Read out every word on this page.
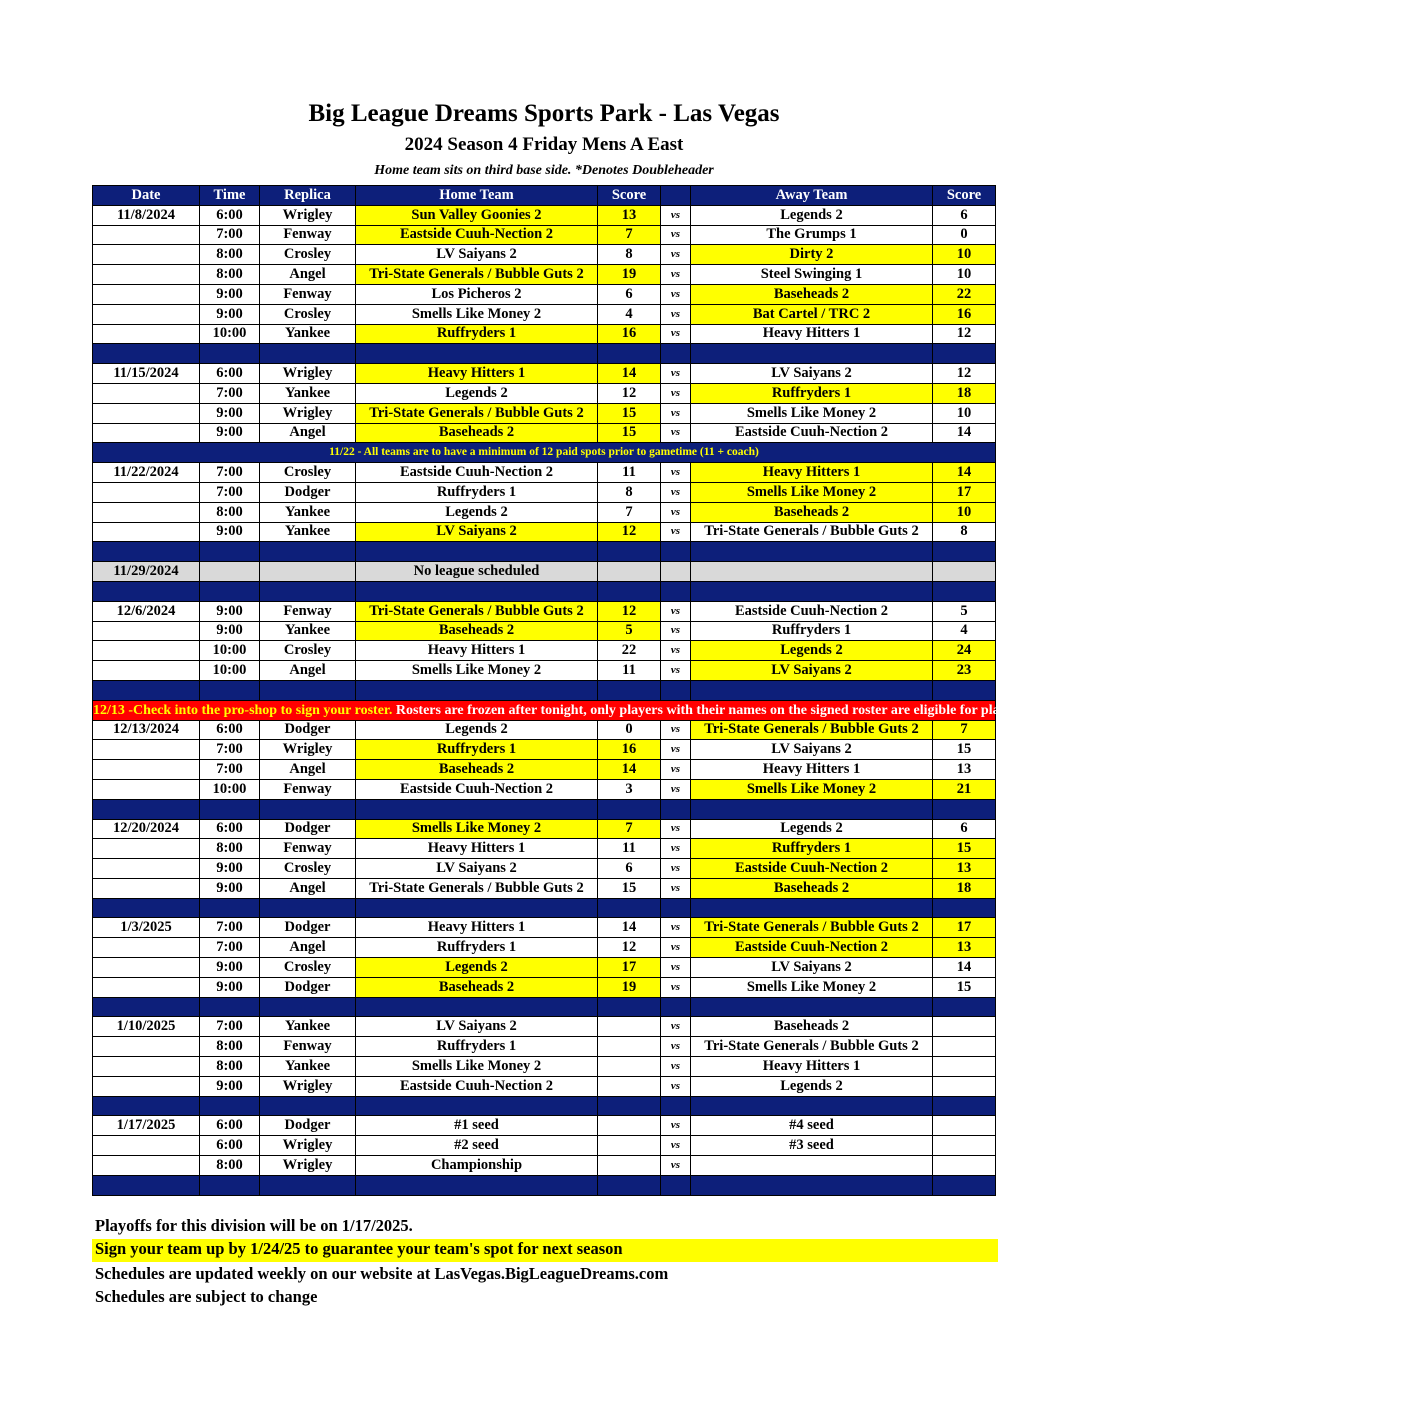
Big League Dreams Sports Park - Las Vegas
2024 Season 4 Friday Mens A East
Home team sits on third base side. *Denotes Doubleheader
Date	Time	Replica	Home Team	Score		Away Team	Score
11/8/2024	6:00	Wrigley	Sun Valley Goonies 2	13	vs	Legends 2	6
	7:00	Fenway	Eastside Cuuh-Nection 2	7	vs	The Grumps 1	0
	8:00	Crosley	LV Saiyans 2	8	vs	Dirty 2	10
	8:00	Angel	Tri-State Generals / Bubble Guts 2	19	vs	Steel Swinging 1	10
	9:00	Fenway	Los Picheros 2	6	vs	Baseheads 2	22
	9:00	Crosley	Smells Like Money 2	4	vs	Bat Cartel / TRC 2	16
	10:00	Yankee	Ruffryders 1	16	vs	Heavy Hitters 1	12

11/15/2024	6:00	Wrigley	Heavy Hitters 1	14	vs	LV Saiyans 2	12
	7:00	Yankee	Legends 2	12	vs	Ruffryders 1	18
	9:00	Wrigley	Tri-State Generals / Bubble Guts 2	15	vs	Smells Like Money 2	10
	9:00	Angel	Baseheads 2	15	vs	Eastside Cuuh-Nection 2	14
11/22 - All teams are to have a minimum of 12 paid spots prior to gametime (11 + coach)							
11/22/2024	7:00	Crosley	Eastside Cuuh-Nection 2	11	vs	Heavy Hitters 1	14
	7:00	Dodger	Ruffryders 1	8	vs	Smells Like Money 2	17
	8:00	Yankee	Legends 2	7	vs	Baseheads 2	10
	9:00	Yankee	LV Saiyans 2	12	vs	Tri-State Generals / Bubble Guts 2	8

11/29/2024			No league scheduled				

12/6/2024	9:00	Fenway	Tri-State Generals / Bubble Guts 2	12	vs	Eastside Cuuh-Nection 2	5
	9:00	Yankee	Baseheads 2	5	vs	Ruffryders 1	4
	10:00	Crosley	Heavy Hitters 1	22	vs	Legends 2	24
	10:00	Angel	Smells Like Money 2	11	vs	LV Saiyans 2	23

12/13 -Check into the pro-shop to sign your roster. Rosters are frozen after tonight, only players with their names on the signed roster are eligible for playoffs. Please check carefully as changes will not be made for omissions.							
12/13/2024	6:00	Dodger	Legends 2	0	vs	Tri-State Generals / Bubble Guts 2	7
	7:00	Wrigley	Ruffryders 1	16	vs	LV Saiyans 2	15
	7:00	Angel	Baseheads 2	14	vs	Heavy Hitters 1	13
	10:00	Fenway	Eastside Cuuh-Nection 2	3	vs	Smells Like Money 2	21

12/20/2024	6:00	Dodger	Smells Like Money 2	7	vs	Legends 2	6
	8:00	Fenway	Heavy Hitters 1	11	vs	Ruffryders 1	15
	9:00	Crosley	LV Saiyans 2	6	vs	Eastside Cuuh-Nection 2	13
	9:00	Angel	Tri-State Generals / Bubble Guts 2	15	vs	Baseheads 2	18

1/3/2025	7:00	Dodger	Heavy Hitters 1	14	vs	Tri-State Generals / Bubble Guts 2	17
	7:00	Angel	Ruffryders 1	12	vs	Eastside Cuuh-Nection 2	13
	9:00	Crosley	Legends 2	17	vs	LV Saiyans 2	14
	9:00	Dodger	Baseheads 2	19	vs	Smells Like Money 2	15

1/10/2025	7:00	Yankee	LV Saiyans 2		vs	Baseheads 2	
	8:00	Fenway	Ruffryders 1		vs	Tri-State Generals / Bubble Guts 2	
	8:00	Yankee	Smells Like Money 2		vs	Heavy Hitters 1	
	9:00	Wrigley	Eastside Cuuh-Nection 2		vs	Legends 2	

1/17/2025	6:00	Dodger	#1 seed		vs	#4 seed	
	6:00	Wrigley	#2 seed		vs	#3 seed	
	8:00	Wrigley	Championship		vs		

Playoffs for this division will be on 1/17/2025.
Sign your team up by 1/24/25 to guarantee your team's spot for next season
Schedules are updated weekly on our website at LasVegas.BigLeagueDreams.com
Schedules are subject to change
